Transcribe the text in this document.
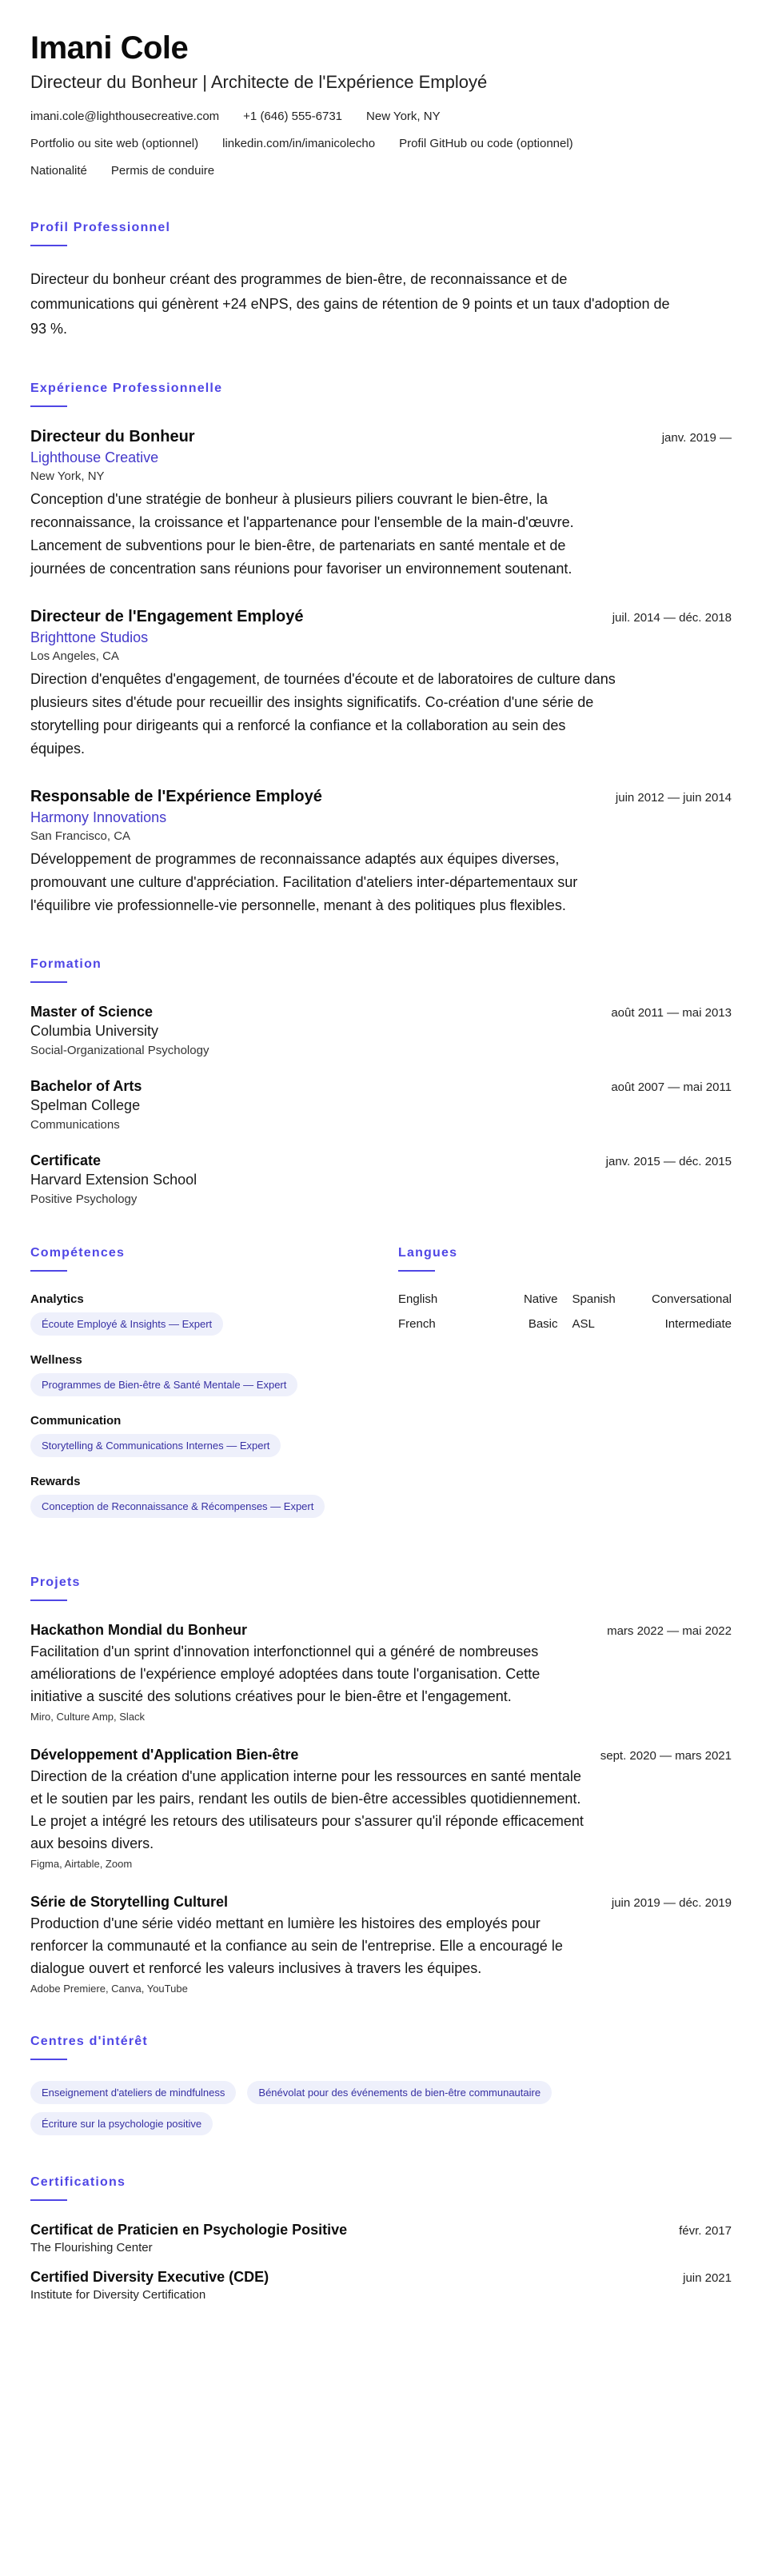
Imani Cole
Directeur du Bonheur | Architecte de l'Expérience Employé
imani.cole@lighthousecreative.com +1 (646) 555-6731 New York, NY
Portfolio ou site web (optionnel) linkedin.com/in/imanicolecho Profil GitHub ou code (optionnel)
Nationalité Permis de conduire
Profil Professionnel

Directeur du bonheur créant des programmes de bien-être, de reconnaissance et de communications qui génèrent +24 eNPS, des gains de rétention de 9 points et un taux d'adoption de 93 %.

Expérience Professionnelle
Directeur du Bonheur	janv. 2019 —
Lighthouse Creative
New York, NY

Conception d'une stratégie de bonheur à plusieurs piliers couvrant le bien-être, la reconnaissance, la croissance et l'appartenance pour l'ensemble de la main-d'œuvre. Lancement de subventions pour le bien-être, de partenariats en santé mentale et de journées de concentration sans réunions pour favoriser un environnement soutenant.

Directeur de l'Engagement Employé	juil. 2014 — déc. 2018
Brighttone Studios
Los Angeles, CA

Direction d'enquêtes d'engagement, de tournées d'écoute et de laboratoires de culture dans plusieurs sites d'étude pour recueillir des insights significatifs. Co-création d'une série de storytelling pour dirigeants qui a renforcé la confiance et la collaboration au sein des équipes.

Responsable de l'Expérience Employé	juin 2012 — juin 2014
Harmony Innovations
San Francisco, CA

Développement de programmes de reconnaissance adaptés aux équipes diverses, promouvant une culture d'appréciation. Facilitation d'ateliers inter-départementaux sur l'équilibre vie professionnelle-vie personnelle, menant à des politiques plus flexibles.

Formation
Master of Science	août 2011 — mai 2013
Columbia University
Social-Organizational Psychology
Bachelor of Arts	août 2007 — mai 2011
Spelman College
Communications
Certificate	janv. 2015 — déc. 2015
Harvard Extension School
Positive Psychology
Compétences
Analytics
Écoute Employé & Insights — Expert
Wellness
Programmes de Bien-être & Santé Mentale — Expert
Communication
Storytelling & Communications Internes — Expert
Rewards
Conception de Reconnaissance & Récompenses — Expert
Langues
English	Native Spanish	Conversational
French	Basic ASL	Intermediate
Projets
Hackathon Mondial du Bonheur	mars 2022 — mai 2022

Facilitation d'un sprint d'innovation interfonctionnel qui a généré de nombreuses améliorations de l'expérience employé adoptées dans toute l'organisation. Cette initiative a suscité des solutions créatives pour le bien-être et l'engagement.

Miro, Culture Amp, Slack
Développement d'Application Bien-être	sept. 2020 — mars 2021

Direction de la création d'une application interne pour les ressources en santé mentale et le soutien par les pairs, rendant les outils de bien-être accessibles quotidiennement. Le projet a intégré les retours des utilisateurs pour s'assurer qu'il réponde efficacement aux besoins divers.

Figma, Airtable, Zoom
Série de Storytelling Culturel	juin 2019 — déc. 2019

Production d'une série vidéo mettant en lumière les histoires des employés pour renforcer la communauté et la confiance au sein de l'entreprise. Elle a encouragé le dialogue ouvert et renforcé les valeurs inclusives à travers les équipes.

Adobe Premiere, Canva, YouTube
Centres d'intérêt
Enseignement d'ateliers de mindfulness	Bénévolat pour des événements de bien-être communautaire
Écriture sur la psychologie positive
Certifications
Certificat de Praticien en Psychologie Positive	févr. 2017
The Flourishing Center
Certified Diversity Executive (CDE)	juin 2021
Institute for Diversity Certification
